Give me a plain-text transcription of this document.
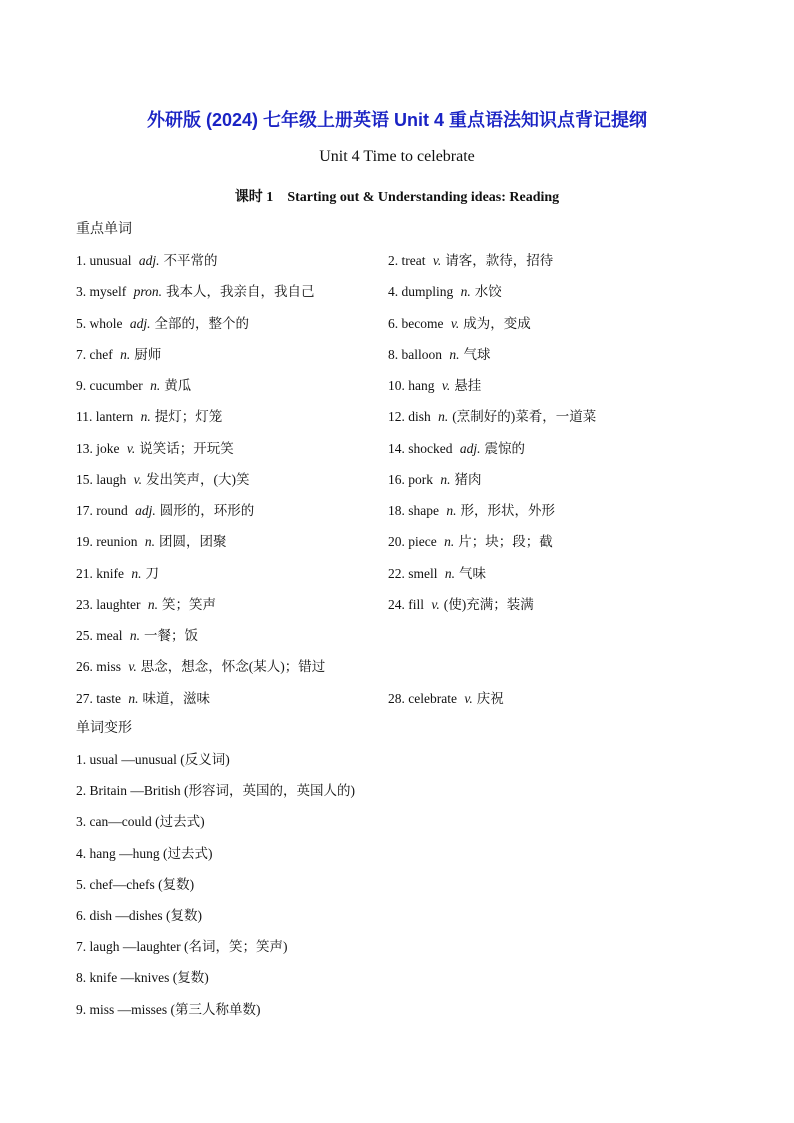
外研版 (2024) 七年级上册英语 Unit 4 重点语法知识点背记提纲
Unit 4 Time to celebrate
课时 1 Starting out & Understanding ideas: Reading
重点单词
1. unusual adj. 不平常的	2. treat v. 请客，款待，招待
3. myself pron. 我本人，我亲自，我自己	4. dumpling n. 水饺
5. whole adj. 全部的，整个的	6. become v. 成为，变成
7. chef n. 厨师	8. balloon n. 气球
9. cucumber n. 黄瓜	10. hang v. 悬挂
11. lantern n. 提灯；灯笼	12. dish n. (烹制好的)菜肴，一道菜
13. joke v. 说笑话；开玩笑	14. shocked adj. 震惊的
15. laugh v. 发出笑声，(大)笑	16. pork n. 猪肉
17. round adj. 圆形的，环形的	18. shape n. 形，形状，外形
19. reunion n. 团圆，团聚	20. piece n. 片；块；段；截
21. knife n. 刀	22. smell n. 气味
23. laughter n. 笑；笑声	24. fill v. (使)充满；装满
25. meal n. 一餐；饭
26. miss v. 思念，想念，怀念(某人)；错过
27. taste n. 味道，滋味	28. celebrate v. 庆祝
单词变形
1. usual —unusual (反义词)
2. Britain —British (形容词，英国的，英国人的)
3. can—could (过去式)
4. hang —hung (过去式)
5. chef—chefs (复数)
6. dish —dishes (复数)
7. laugh —laughter (名词，笑；笑声)
8. knife —knives (复数)
9. miss —misses (第三人称单数)
